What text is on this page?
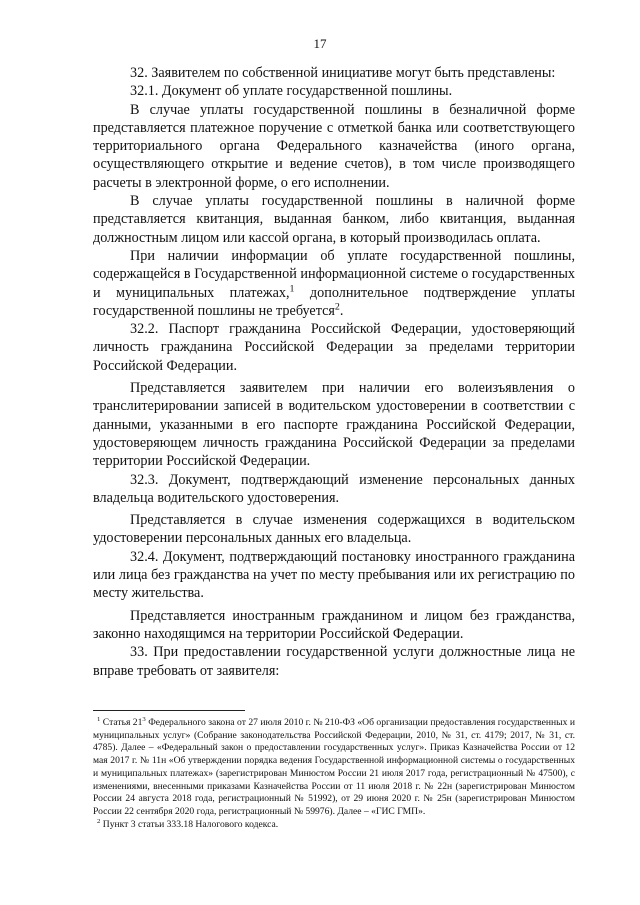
17

32. Заявителем по собственной инициативе могут быть представлены:

32.1. Документ об уплате государственной пошлины.

В случае уплаты государственной пошлины в безналичной форме представляется платежное поручение с отметкой банка или соответствующего территориального органа Федерального казначейства (иного органа, осуществляющего открытие и ведение счетов), в том числе производящего расчеты в электронной форме, о его исполнении.

В случае уплаты государственной пошлины в наличной форме представляется квитанция, выданная банком, либо квитанция, выданная должностным лицом или кассой органа, в который производилась оплата.

При наличии информации об уплате государственной пошлины, содержащейся в Государственной информационной системе о государственных и муниципальных платежах,$^1$ дополнительное подтверждение уплаты государственной пошлины не требуется$^2$.

32.2. Паспорт гражданина Российской Федерации, удостоверяющий личность гражданина Российской Федерации за пределами территории Российской Федерации.

Представляется заявителем при наличии его волеизъявления о транслитерировании записей в водительском удостоверении в соответствии с данными, указанными в его паспорте гражданина Российской Федерации, удостоверяющем личность гражданина Российской Федерации за пределами территории Российской Федерации.

32.3. Документ, подтверждающий изменение персональных данных владельца водительского удостоверения.

Представляется в случае изменения содержащихся в водительском удостоверении персональных данных его владельца.

32.4. Документ, подтверждающий постановку иностранного гражданина или лица без гражданства на учет по месту пребывания или их регистрацию по месту жительства.

Представляется иностранным гражданином и лицом без гражданства, законно находящимся на территории Российской Федерации.

33. При предоставлении государственной услуги должностные лица не вправе требовать от заявителя:

$^1$ Статья $21^3$ Федерального закона от 27 июля 2010 г. № 210-ФЗ «Об организации предоставления государственных и муниципальных услуг» (Собрание законодательства Российской Федерации, 2010, № 31, ст. 4179; 2017, № 31, ст. 4785). Далее – «Федеральный закон о предоставлении государственных услуг». Приказ Казначейства России от 12 мая 2017 г. № 11н «Об утверждении порядка ведения Государственной информационной системы о государственных и муниципальных платежах» (зарегистрирован Минюстом России 21 июля 2017 года, регистрационный № 47500), с изменениями, внесенными приказами Казначейства России от 11 июля 2018 г. № 22н (зарегистрирован Минюстом России 24 августа 2018 года, регистрационный № 51992), от 29 июня 2020 г. № 25н (зарегистрирован Минюстом России 22 сентября 2020 года, регистрационный № 59976). Далее – «ГИС ГМП».

$^2$ Пункт 3 статьи 333.18 Налогового кодекса.
